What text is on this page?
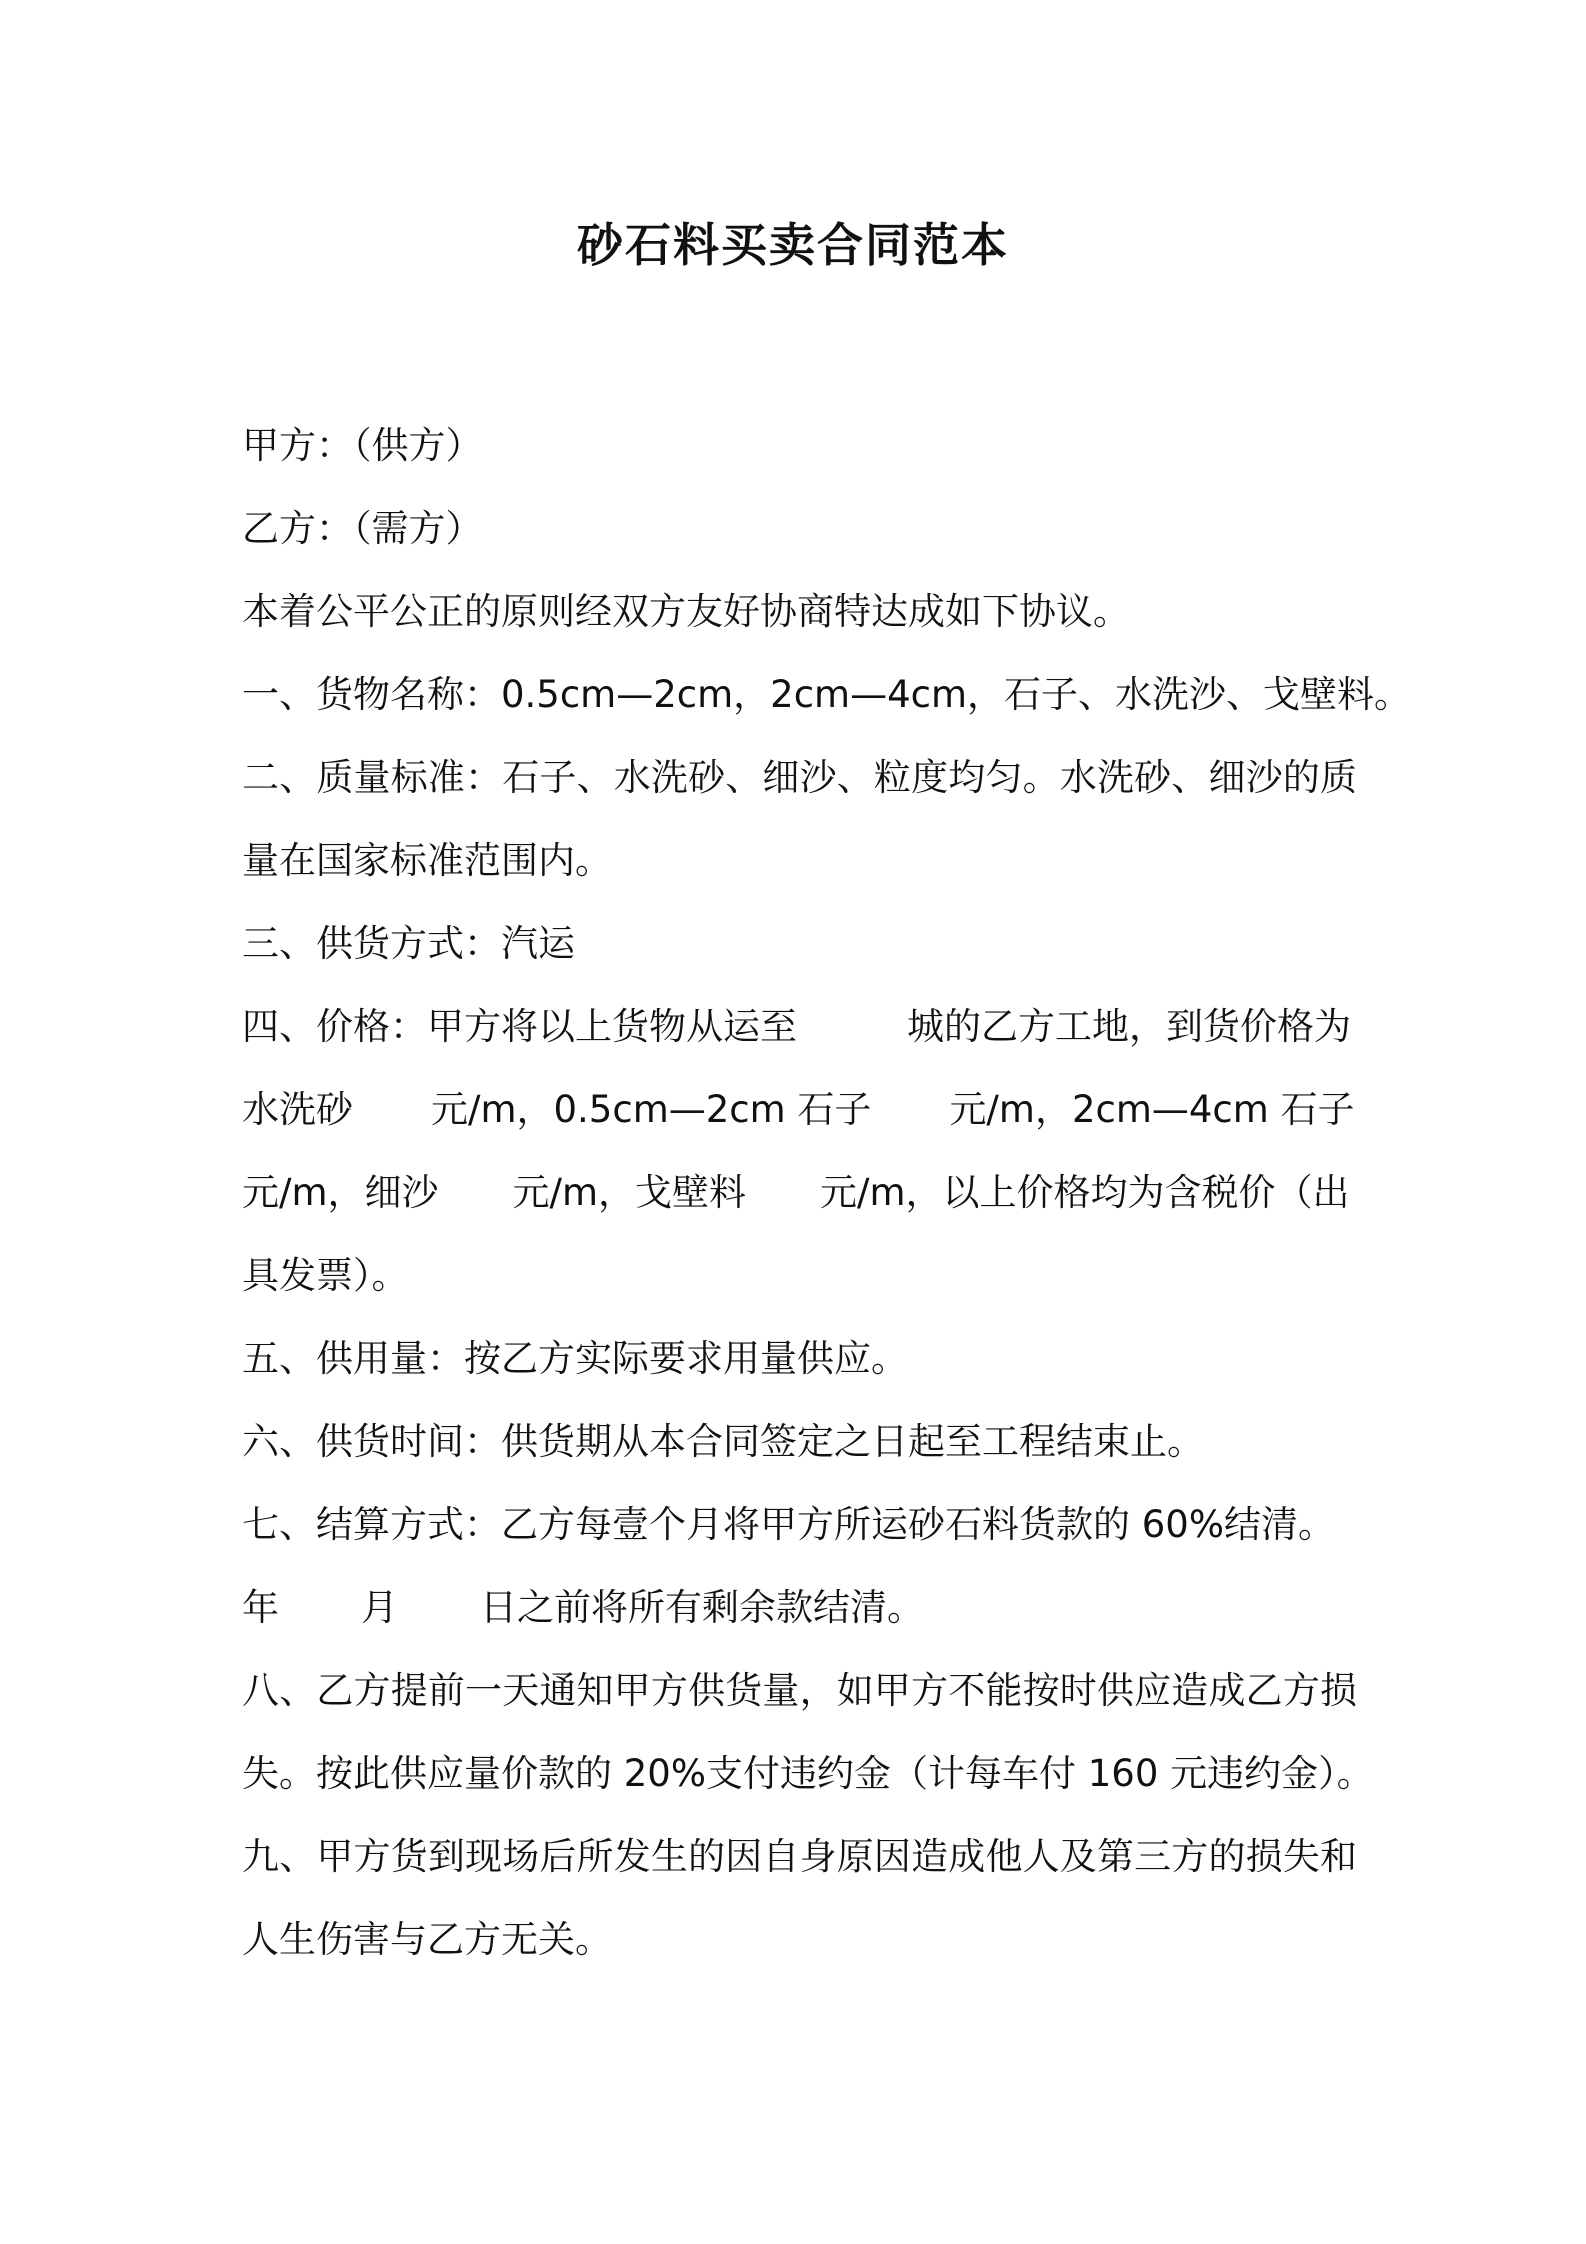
砂石料买卖合同范本
甲方：（供方）
乙方：（需方）
本着公平公正的原则经双方友好协商特达成如下协议。
一、货物名称：0.5cm—2cm，2cm—4cm，石子、水洗沙、戈壁料。
二、质量标准：石子、水洗砂、细沙、粒度均匀。水洗砂、细沙的质
量在国家标准范围内。
三、供货方式：汽运
四、价格：甲方将以上货物从运至	城的乙方工地，到货价格为
水洗砂 元/m，0.5cm—2cm 石子 元/m，2cm—4cm 石子
元/m，细沙 元/m，戈壁料 元/m，以上价格均为含税价（出
具发票）。
五、供用量：按乙方实际要求用量供应。
六、供货时间：供货期从本合同签定之日起至工程结束止。
七、结算方式：乙方每壹个月将甲方所运砂石料货款的 60%结清。
年 月 日之前将所有剩余款结清。
八、乙方提前一天通知甲方供货量，如甲方不能按时供应造成乙方损
失。按此供应量价款的 20%支付违约金（计每车付 160 元违约金）。
九、甲方货到现场后所发生的因自身原因造成他人及第三方的损失和
人生伤害与乙方无关。
